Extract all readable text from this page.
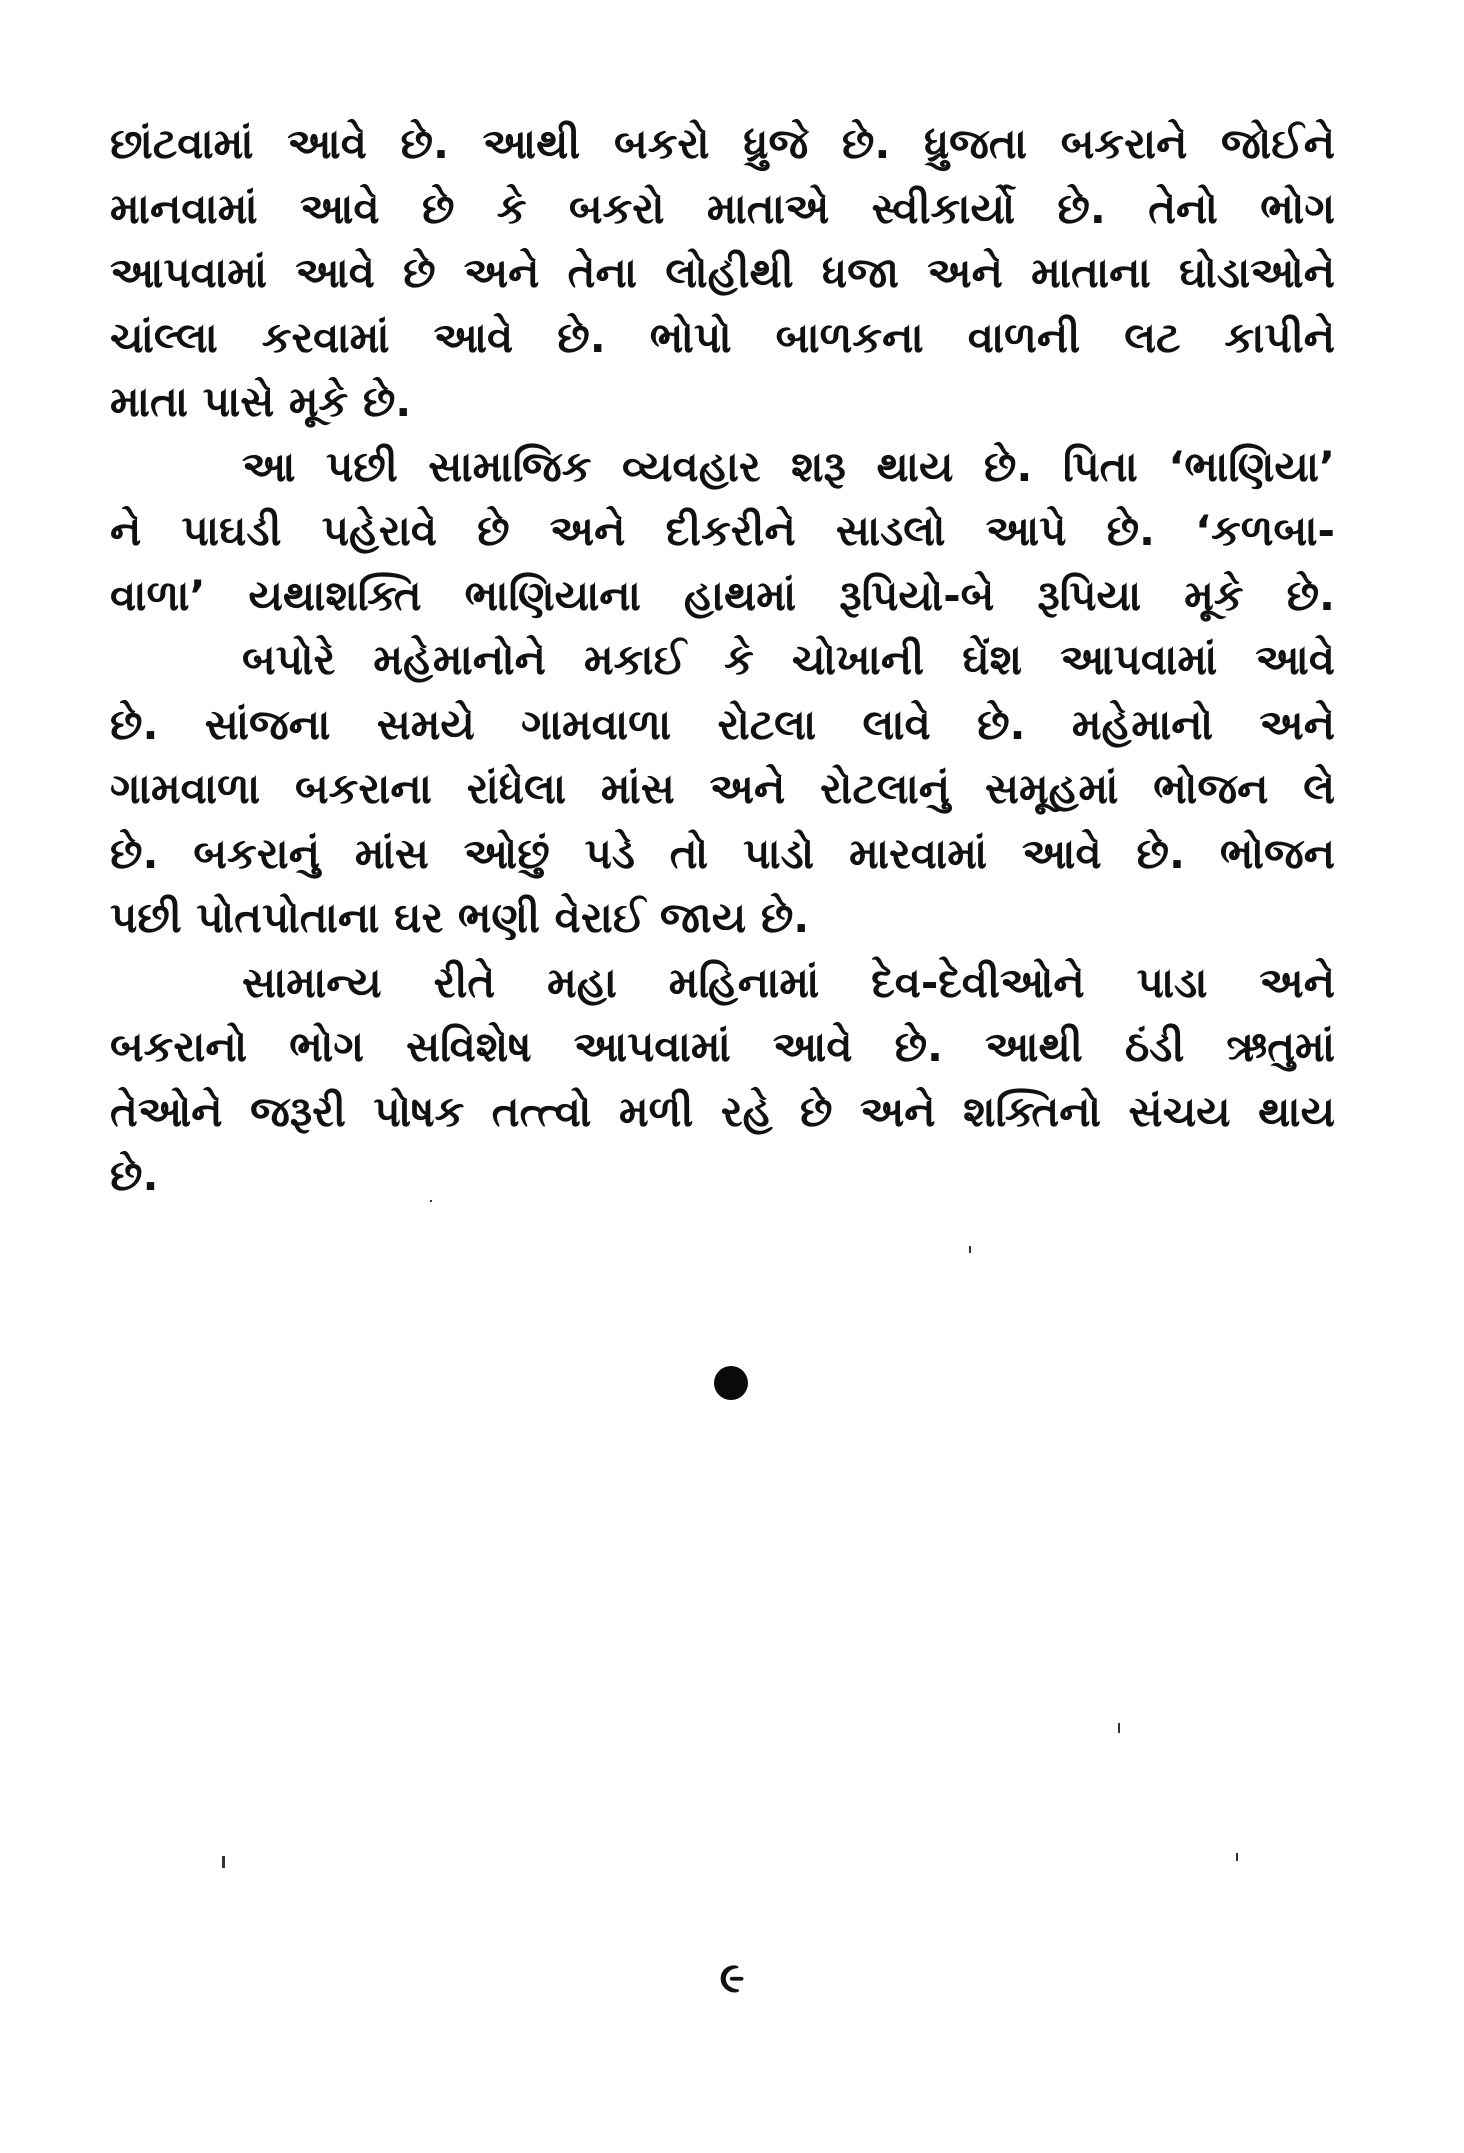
છાંટવામાં આવે છે. આથી બકરો ધ્રુજે છે. ધ્રુજતા બકરાને જોઈને
માનવામાં આવે છે કે બકરો માતાએ સ્વીકાર્યો છે. તેનો ભોગ
આપવામાં આવે છે અને તેના લોહીથી ધજા અને માતાના ઘોડાઓને
ચાંલ્લા કરવામાં આવે છે. ભોપો બાળકના વાળની લટ કાપીને
માતા પાસે મૂકે છે.
આ પછી સામાજિક વ્યવહાર શરૂ થાય છે. પિતા ‘ભાણિયા’
ને પાઘડી પહેરાવે છે અને દીકરીને સાડલો આપે છે. ‘કળબા-
વાળા’ યથાશક્તિ ભાણિયાના હાથમાં રૂપિયો-બે રૂપિયા મૂકે છે.
બપોરે મહેમાનોને મકાઈ કે ચોખાની ઘેંશ આપવામાં આવે
છે. સાંજના સમયે ગામવાળા રોટલા લાવે છે. મહેમાનો અને
ગામવાળા બકરાના રાંધેલા માંસ અને રોટલાનું સમૂહમાં ભોજન લે
છે. બકરાનું માંસ ઓછું પડે તો પાડો મારવામાં આવે છે. ભોજન
પછી પોતપોતાના ઘર ભણી વેરાઈ જાય છે.
સામાન્ય રીતે મહા મહિનામાં દેવ-દેવીઓને પાડા અને
બકરાનો ભોગ સવિશેષ આપવામાં આવે છે. આથી ઠંડી ઋતુમાં
તેઓને જરૂરી પોષક તત્ત્વો મળી રહે છે અને શક્તિનો સંચય થાય
છે.
૯
